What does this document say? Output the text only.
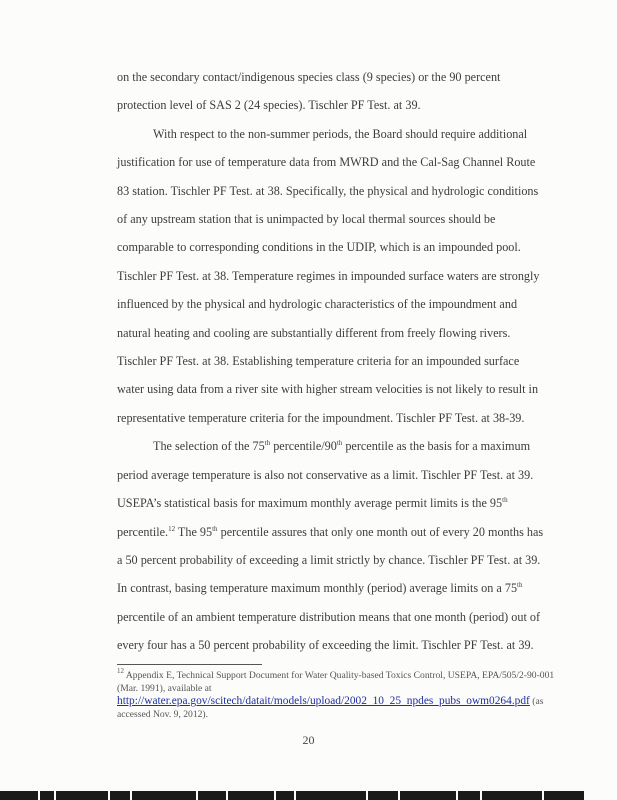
on the secondary contact/indigenous species class (9 species) or the 90 percent protection level of SAS 2 (24 species). Tischler PF Test. at 39.

With respect to the non-summer periods, the Board should require additional justification for use of temperature data from MWRD and the Cal-Sag Channel Route 83 station. Tischler PF Test. at 38. Specifically, the physical and hydrologic conditions of any upstream station that is unimpacted by local thermal sources should be comparable to corresponding conditions in the UDIP, which is an impounded pool. Tischler PF Test. at 38. Temperature regimes in impounded surface waters are strongly influenced by the physical and hydrologic characteristics of the impoundment and natural heating and cooling are substantially different from freely flowing rivers. Tischler PF Test. at 38. Establishing temperature criteria for an impounded surface water using data from a river site with higher stream velocities is not likely to result in representative temperature criteria for the impoundment. Tischler PF Test. at 38-39.

The selection of the 75th percentile/90th percentile as the basis for a maximum period average temperature is also not conservative as a limit. Tischler PF Test. at 39. USEPA’s statistical basis for maximum monthly average permit limits is the 95th percentile.$^{12}$ The 95th percentile assures that only one month out of every 20 months has a 50 percent probability of exceeding a limit strictly by chance. Tischler PF Test. at 39. In contrast, basing temperature maximum monthly (period) average limits on a 75th percentile of an ambient temperature distribution means that one month (period) out of every four has a 50 percent probability of exceeding the limit. Tischler PF Test. at 39.

$^{12}$ Appendix E, Technical Support Document for Water Quality-based Toxics Control, USEPA, EPA/505/2-90-001 (Mar. 1991), available at
http://water.epa.gov/scitech/datait/models/upload/2002_10_25_npdes_pubs_owm0264.pdf (as accessed Nov. 9, 2012).
20
